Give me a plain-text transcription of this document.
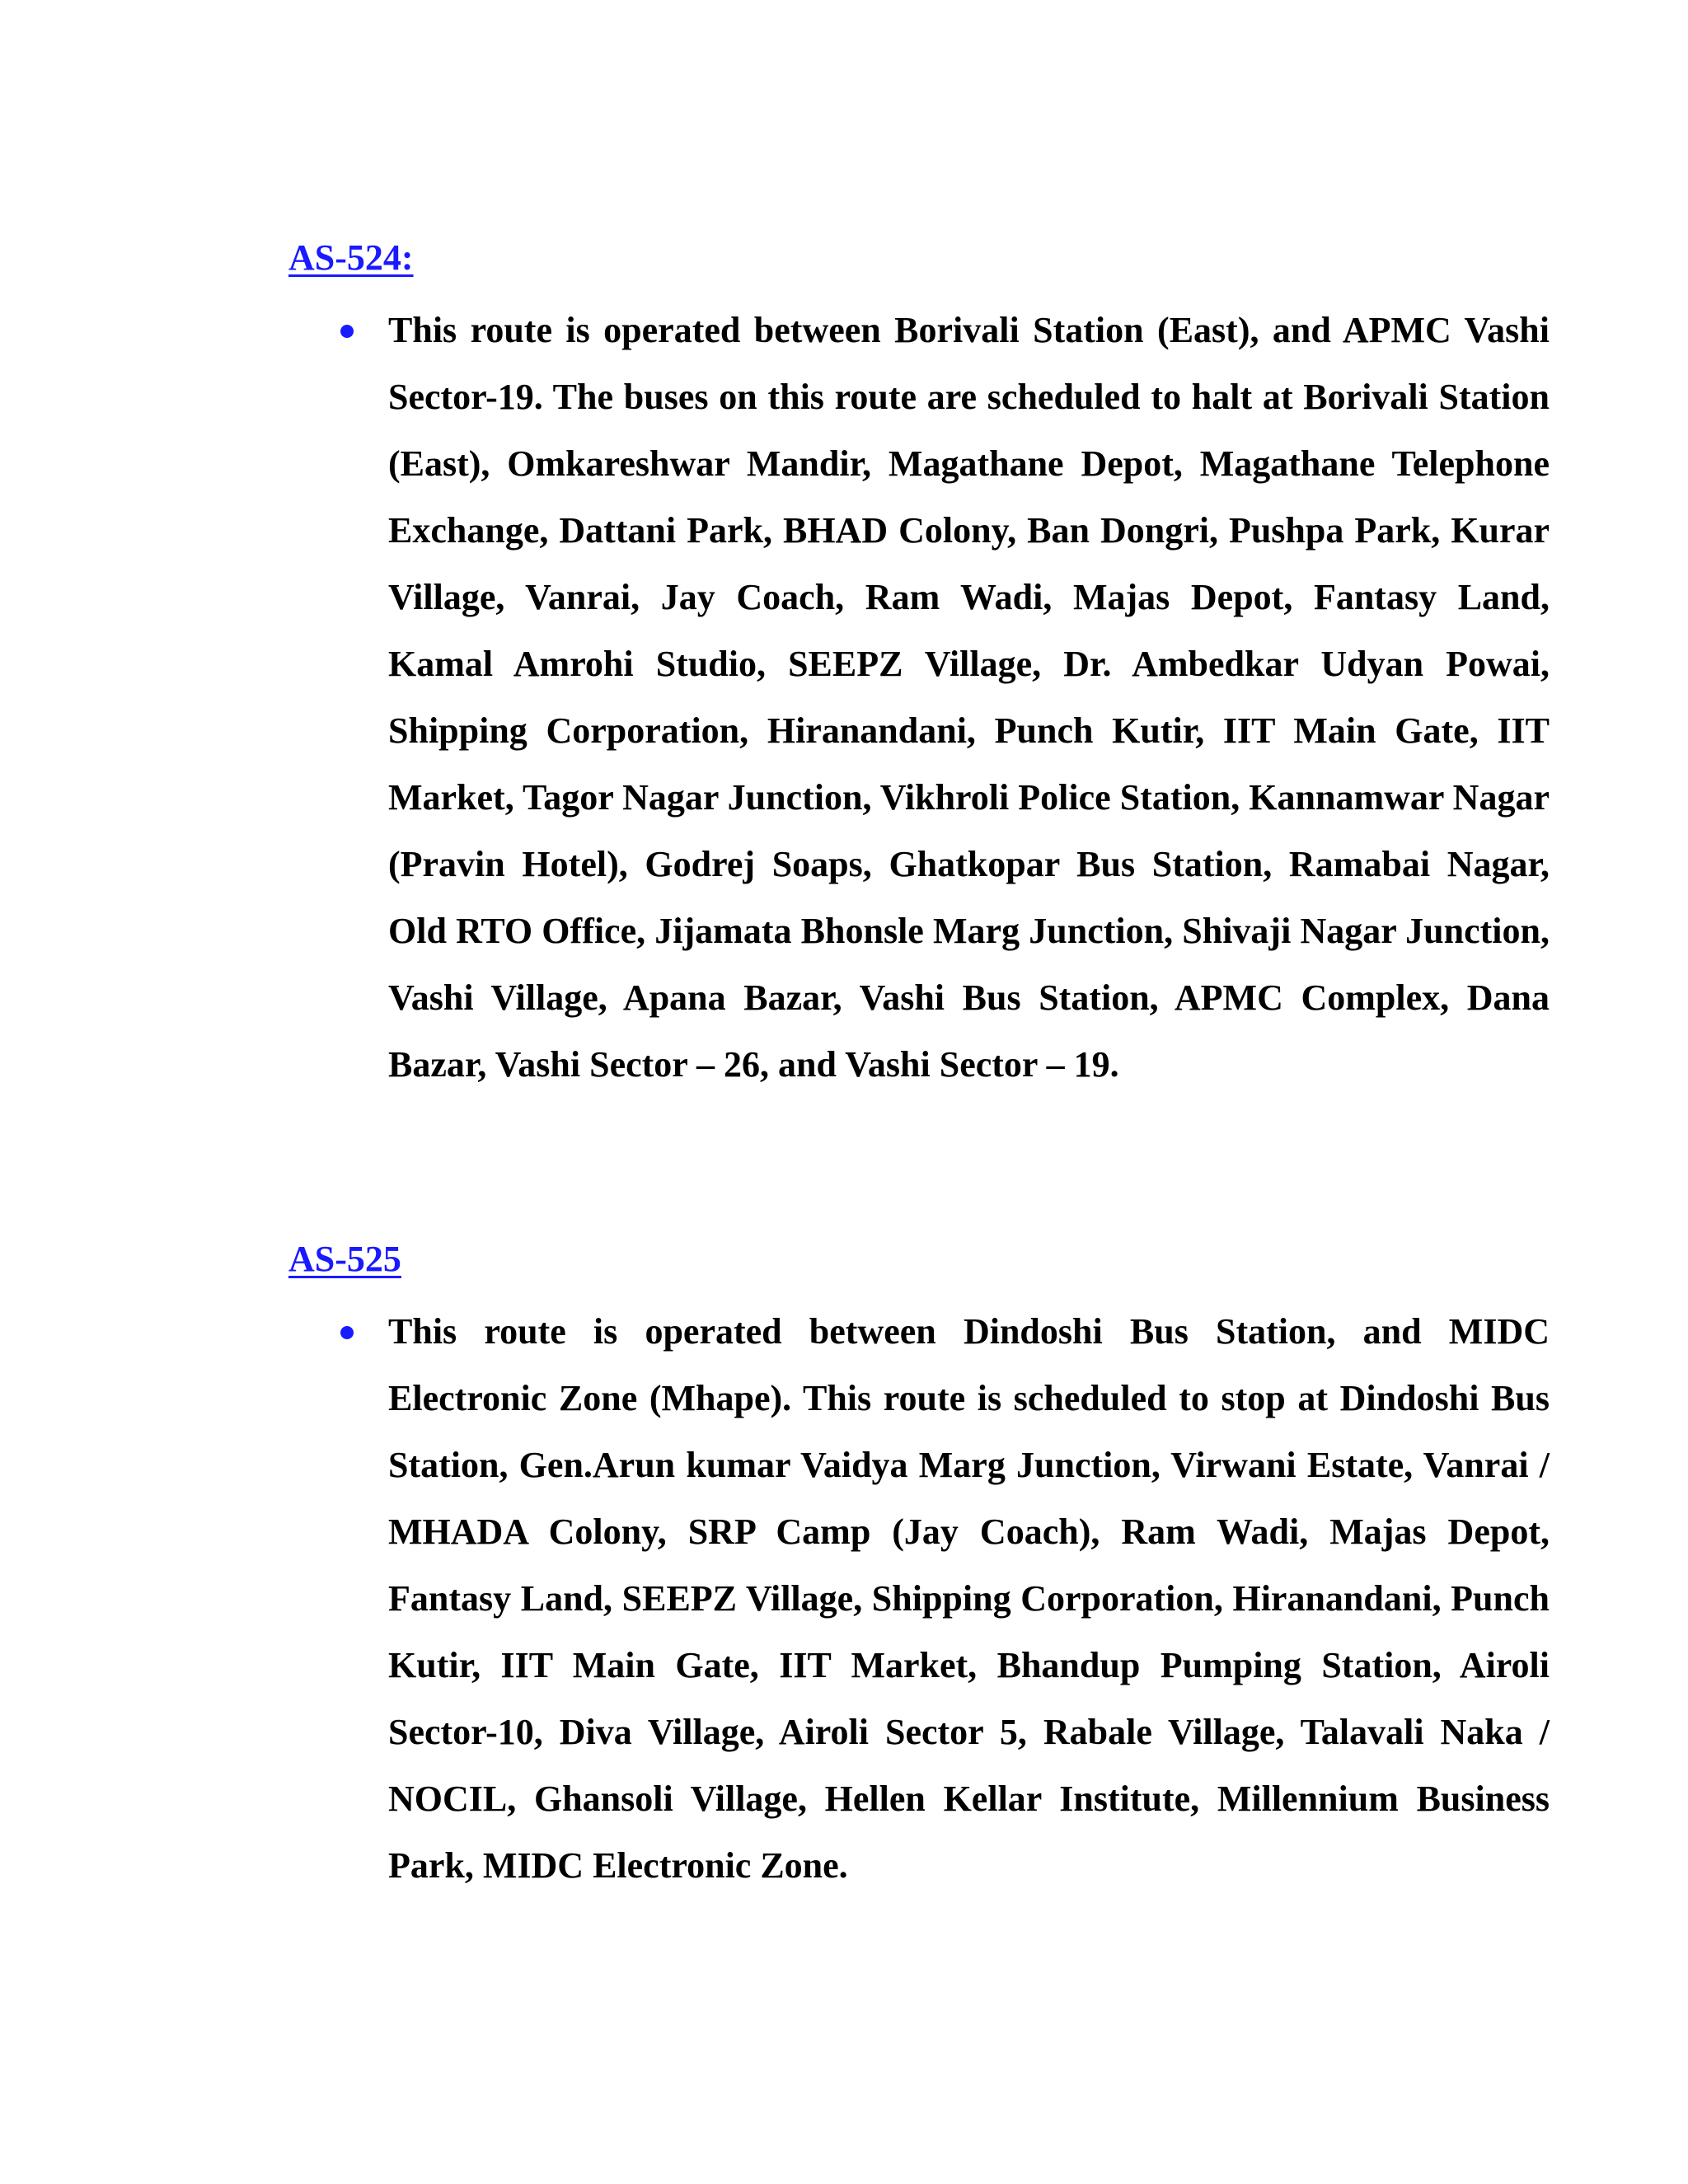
AS-524:
This route is operated between Borivali Station (East), and APMC Vashi Sector-19. The buses on this route are scheduled to halt at Borivali Station (East), Omkareshwar Mandir, Magathane Depot, Magathane Telephone Exchange, Dattani Park, BHAD Colony, Ban Dongri, Pushpa Park, Kurar Village, Vanrai, Jay Coach, Ram Wadi, Majas Depot, Fantasy Land, Kamal Amrohi Studio, SEEPZ Village, Dr. Ambedkar Udyan Powai, Shipping Corporation, Hiranandani, Punch Kutir, IIT Main Gate, IIT Market, Tagor Nagar Junction, Vikhroli Police Station, Kannamwar Nagar (Pravin Hotel), Godrej Soaps, Ghatkopar Bus Station, Ramabai Nagar, Old RTO Office, Jijamata Bhonsle Marg Junction, Shivaji Nagar Junction, Vashi Village, Apana Bazar, Vashi Bus Station, APMC Complex, Dana Bazar, Vashi Sector – 26, and Vashi Sector – 19.
AS-525
This route is operated between Dindoshi Bus Station, and MIDC Electronic Zone (Mhape). This route is scheduled to stop at Dindoshi Bus Station, Gen.Arun kumar Vaidya Marg Junction, Virwani Estate, Vanrai / MHADA Colony, SRP Camp (Jay Coach), Ram Wadi, Majas Depot, Fantasy Land, SEEPZ Village, Shipping Corporation, Hiranandani, Punch Kutir, IIT Main Gate, IIT Market, Bhandup Pumping Station, Airoli Sector-10, Diva Village, Airoli Sector 5, Rabale Village, Talavali Naka / NOCIL, Ghansoli Village, Hellen Kellar Institute, Millennium Business Park, MIDC Electronic Zone.
